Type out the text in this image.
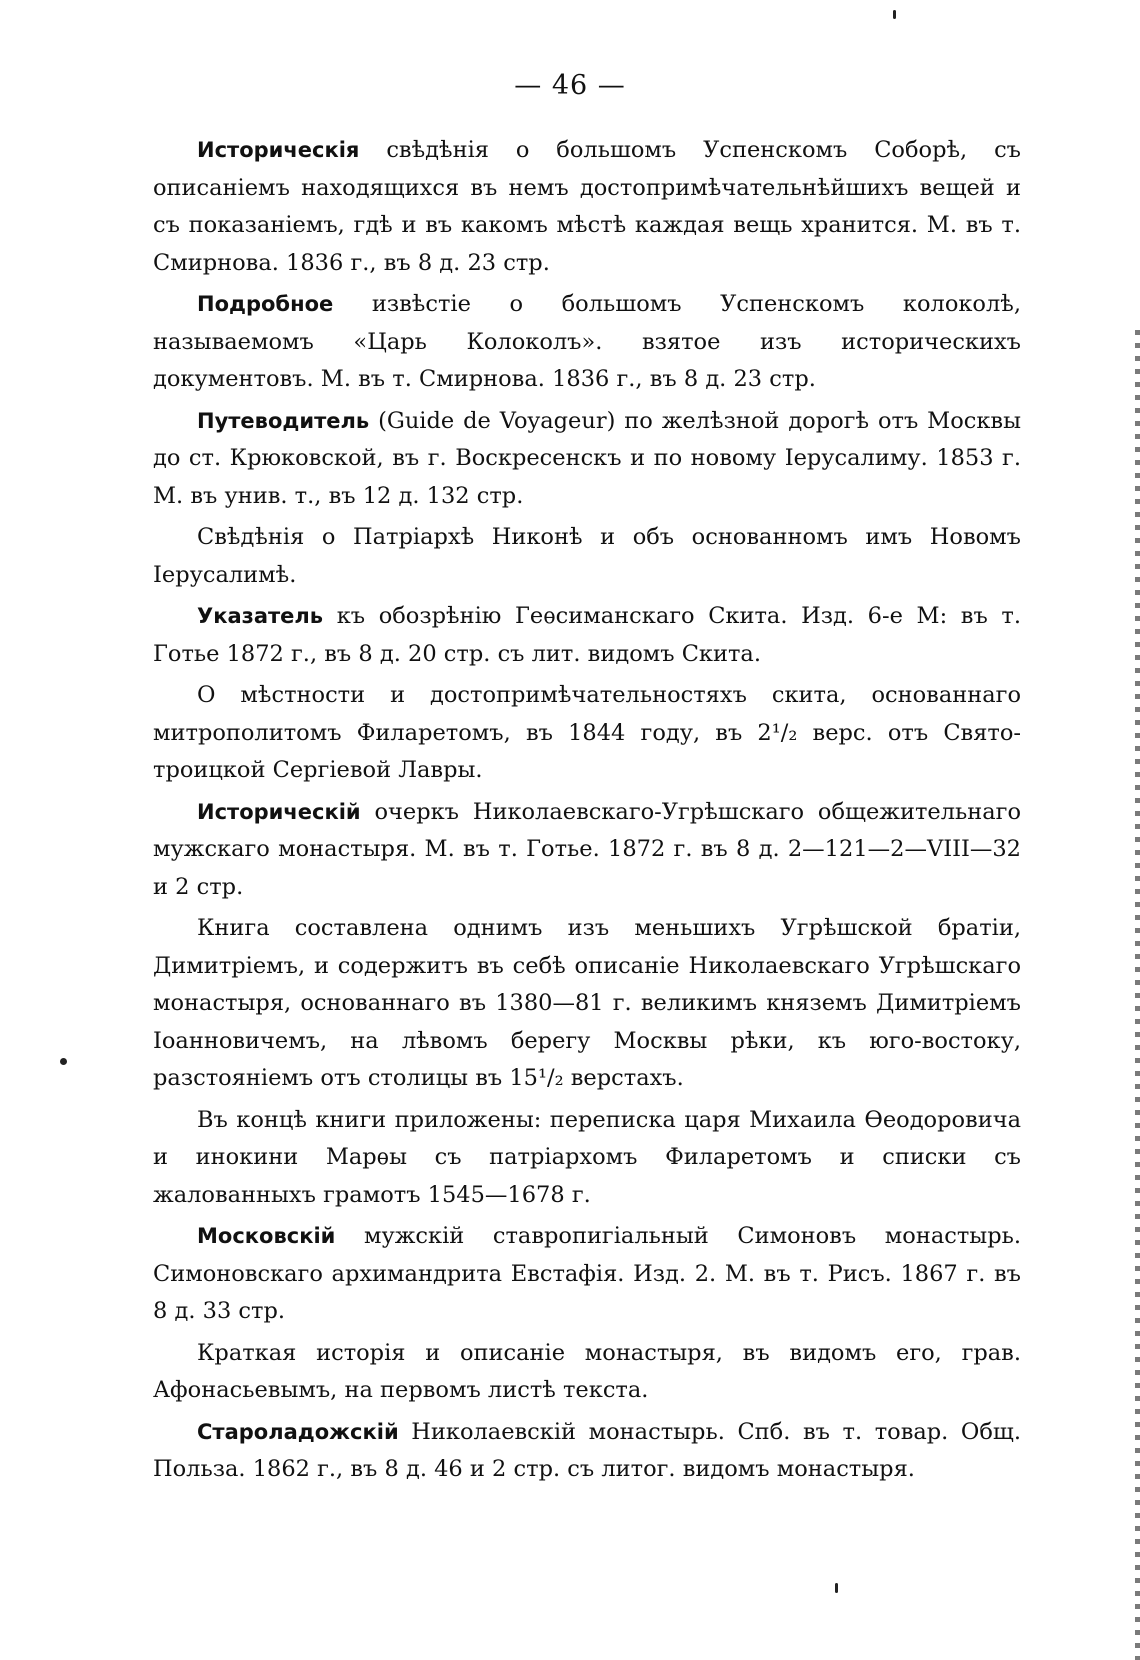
— 46 —

Историческія свѣдѣнія о большомъ Успенскомъ Соборѣ, съ описаніемъ находящихся въ немъ достопримѣчательнѣйшихъ вещей и съ показаніемъ, гдѣ и въ какомъ мѣстѣ каждая вещь хранится. М. въ т. Смирнова. 1836 г., въ 8 д. 23 стр.

Подробное извѣстіе о большомъ Успенскомъ колоколѣ, называемомъ «Царь Колоколъ». взятое изъ историческихъ документовъ. М. въ т. Смирнова. 1836 г., въ 8 д. 23 стр.

Путеводитель (Guide de Voyageur) по желѣзной дорогѣ отъ Москвы до ст. Крюковской, въ г. Воскресенскъ и по новому Іерусалиму. 1853 г. М. въ унив. т., въ 12 д. 132 стр.

Свѣдѣнія о Патріархѣ Никонѣ и объ основанномъ имъ Новомъ Іерусалимѣ.

Указатель къ обозрѣнію Геѳсиманскаго Скита. Изд. 6-е М: въ т. Готье 1872 г., въ 8 д. 20 стр. съ лит. видомъ Скита.

О мѣстности и достопримѣчательностяхъ скита, основаннаго митрополитомъ Филаретомъ, въ 1844 году, въ 2¹/₂ верс. отъ Свято-троицкой Сергіевой Лавры.

Историческій очеркъ Николаевскаго-Угрѣшскаго общежительнаго мужскаго монастыря. М. въ т. Готье. 1872 г. въ 8 д. 2—121—2—VIII—32 и 2 стр.

Книга составлена однимъ изъ меньшихъ Угрѣшской братіи, Димитріемъ, и содержитъ въ себѣ описаніе Николаевскаго Угрѣшскаго монастыря, основаннаго въ 1380—81 г. великимъ княземъ Димитріемъ Іоанновичемъ, на лѣвомъ берегу Москвы рѣки, къ юго-востоку, разстояніемъ отъ столицы въ 15¹/₂ верстахъ.

Въ концѣ книги приложены: переписка царя Михаила Ѳеодоровича и инокини Марѳы съ патріархомъ Филаретомъ и списки съ жалованныхъ грамотъ 1545—1678 г.

Московскій мужскій ставропигіальный Симоновъ монастырь. Симоновскаго архимандрита Евстафія. Изд. 2. М. въ т. Рисъ. 1867 г. въ 8 д. 33 стр.

Краткая исторія и описаніе монастыря, въ видомъ его, грав. Афонасьевымъ, на первомъ листѣ текста.

Староладожскій Николаевскій монастырь. Спб. въ т. товар. Общ. Польза. 1862 г., въ 8 д. 46 и 2 стр. съ литог. видомъ монастыря.
